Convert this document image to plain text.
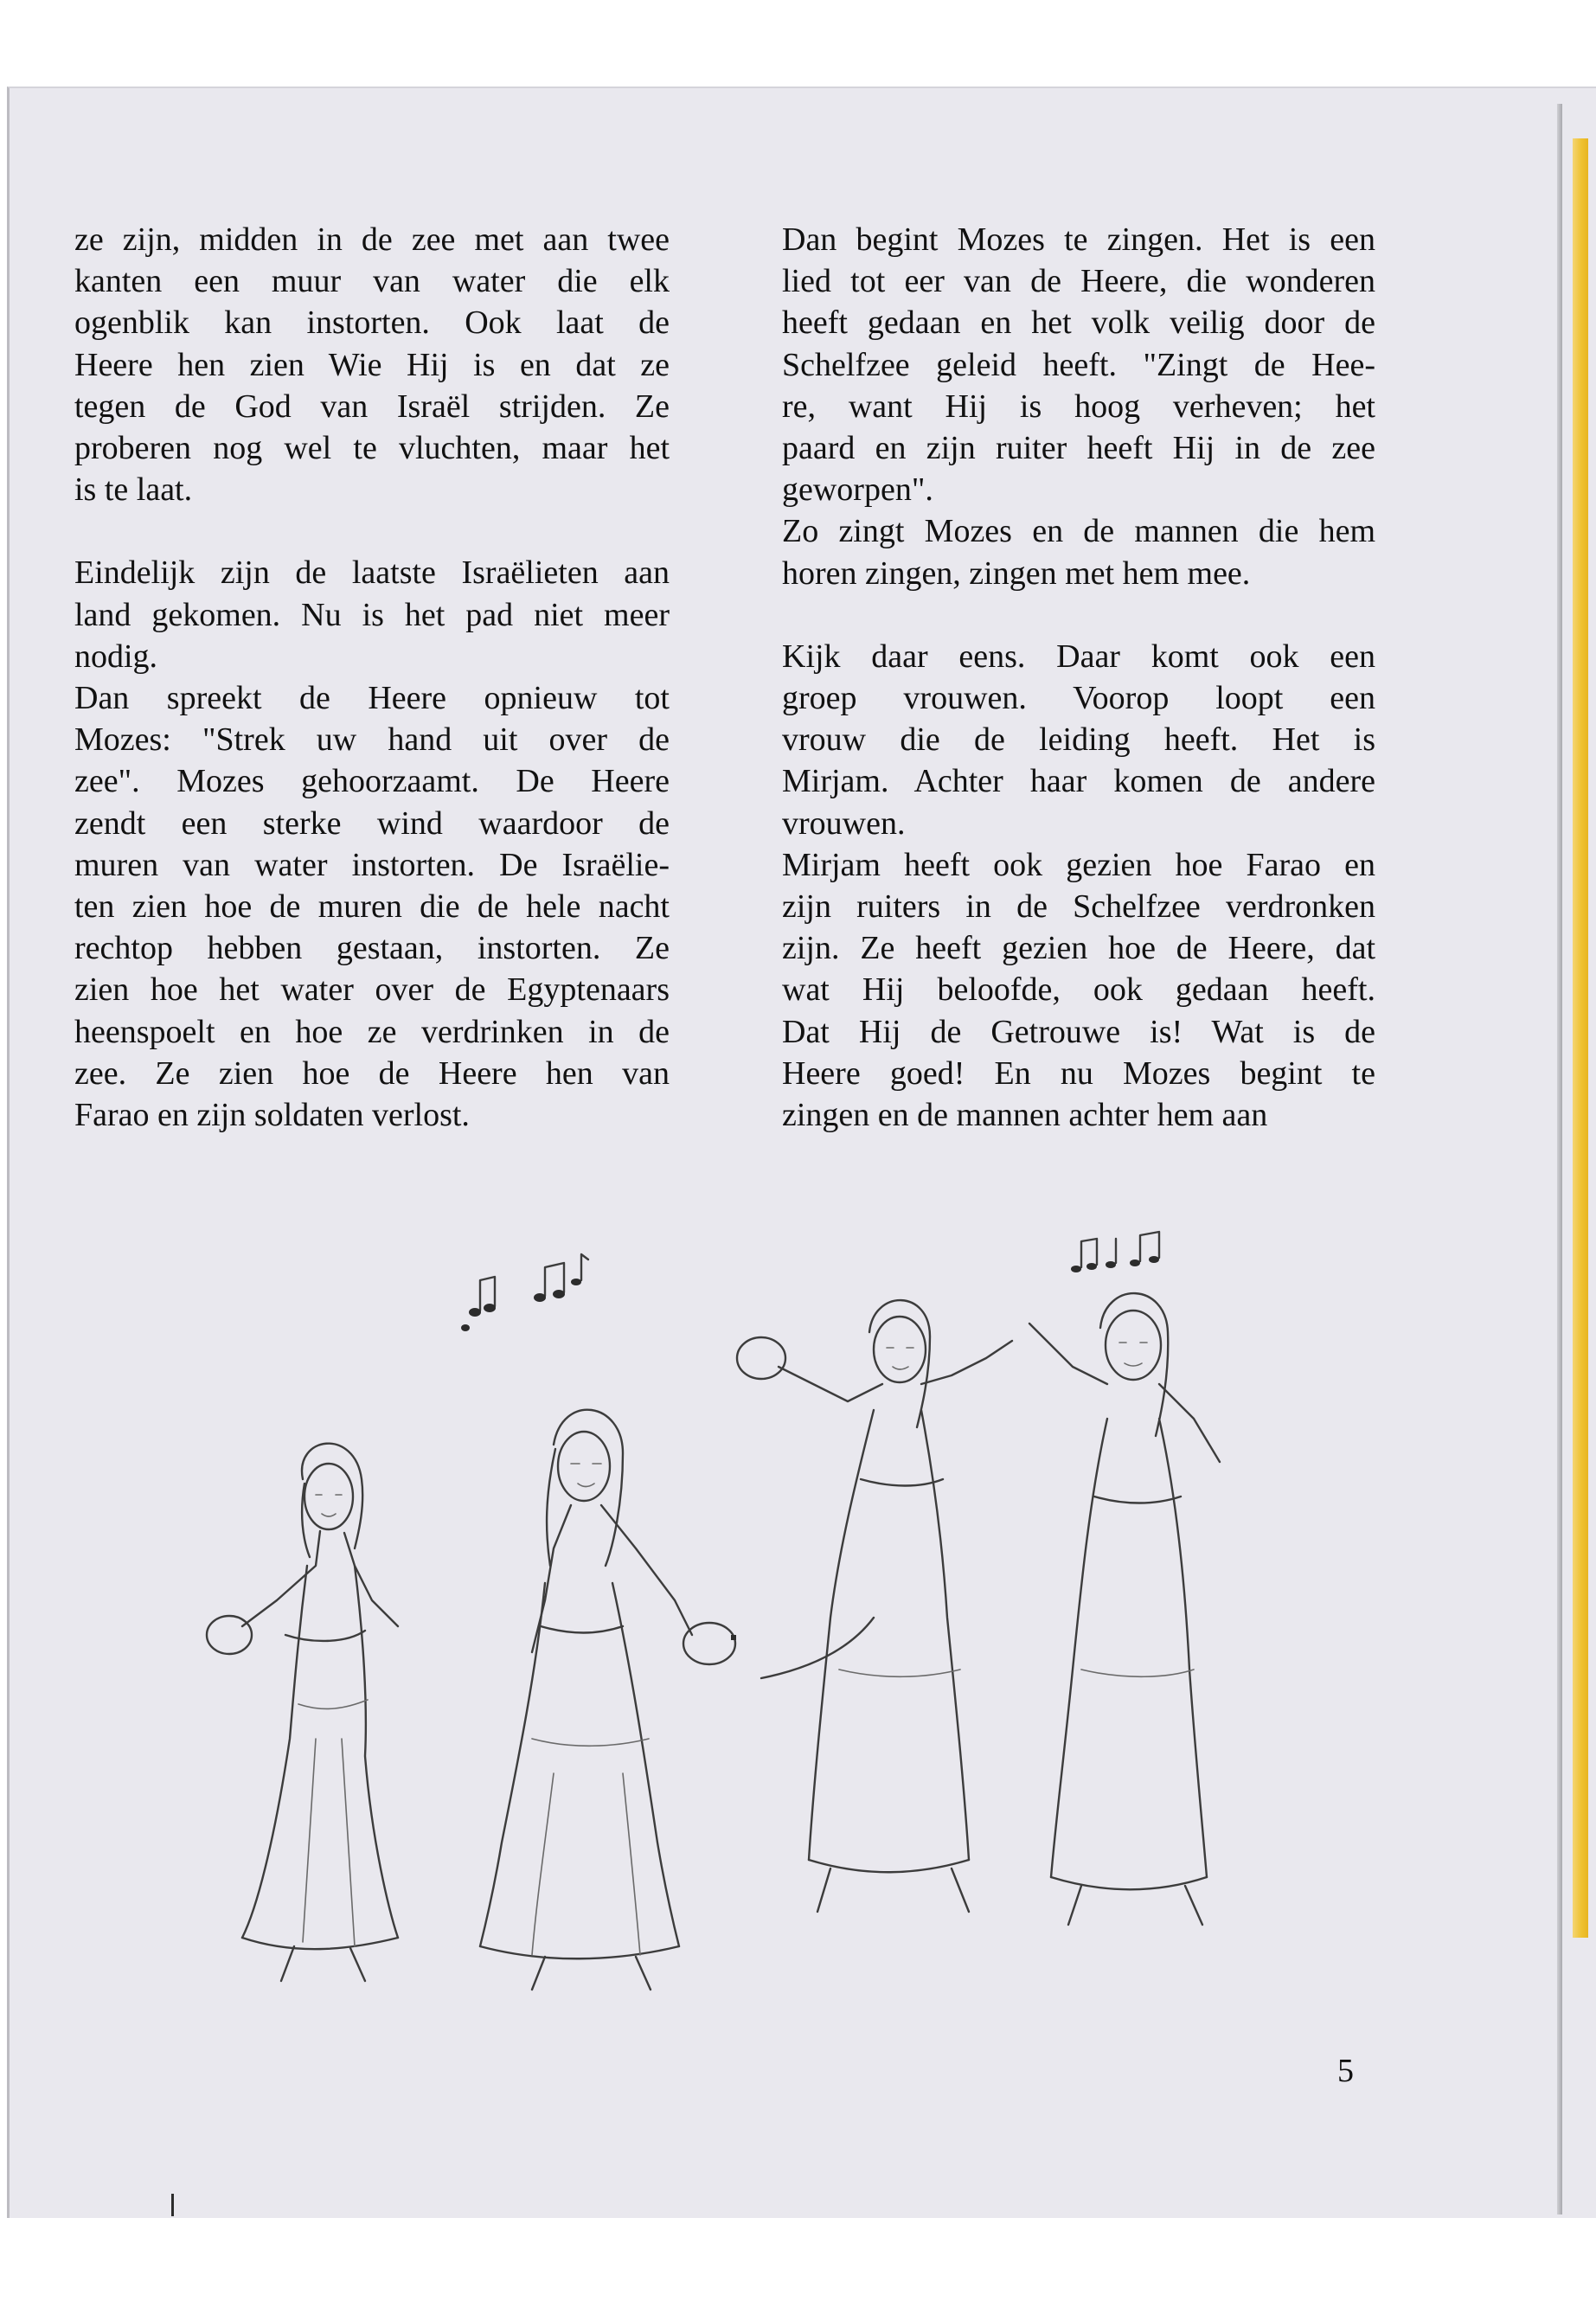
ze zijn, midden in de zee met aan twee
kanten een muur van water die elk
ogenblik kan instorten. Ook laat de
Heere hen zien Wie Hij is en dat ze
tegen de God van Israël strijden. Ze
proberen nog wel te vluchten, maar het
is te laat.
Eindelijk zijn de laatste Israëlieten aan
land gekomen. Nu is het pad niet meer
nodig.
Dan spreekt de Heere opnieuw tot
Mozes: "Strek uw hand uit over de
zee". Mozes gehoorzaamt. De Heere
zendt een sterke wind waardoor de
muren van water instorten. De Israëlie-
ten zien hoe de muren die de hele nacht
rechtop hebben gestaan, instorten. Ze
zien hoe het water over de Egyptenaars
heenspoelt en hoe ze verdrinken in de
zee. Ze zien hoe de Heere hen van
Farao en zijn soldaten verlost.
Dan begint Mozes te zingen. Het is een
lied tot eer van de Heere, die wonderen
heeft gedaan en het volk veilig door de
Schelfzee geleid heeft. "Zingt de Hee-
re, want Hij is hoog verheven; het
paard en zijn ruiter heeft Hij in de zee
geworpen".
Zo zingt Mozes en de mannen die hem
horen zingen, zingen met hem mee.
Kijk daar eens. Daar komt ook een
groep vrouwen. Voorop loopt een
vrouw die de leiding heeft. Het is
Mirjam. Achter haar komen de andere
vrouwen.
Mirjam heeft ook gezien hoe Farao en
zijn ruiters in de Schelfzee verdronken
zijn. Ze heeft gezien hoe de Heere, dat
wat Hij beloofde, ook gedaan heeft.
Dat Hij de Getrouwe is! Wat is de
Heere goed! En nu Mozes begint te
zingen en de mannen achter hem aan
5
